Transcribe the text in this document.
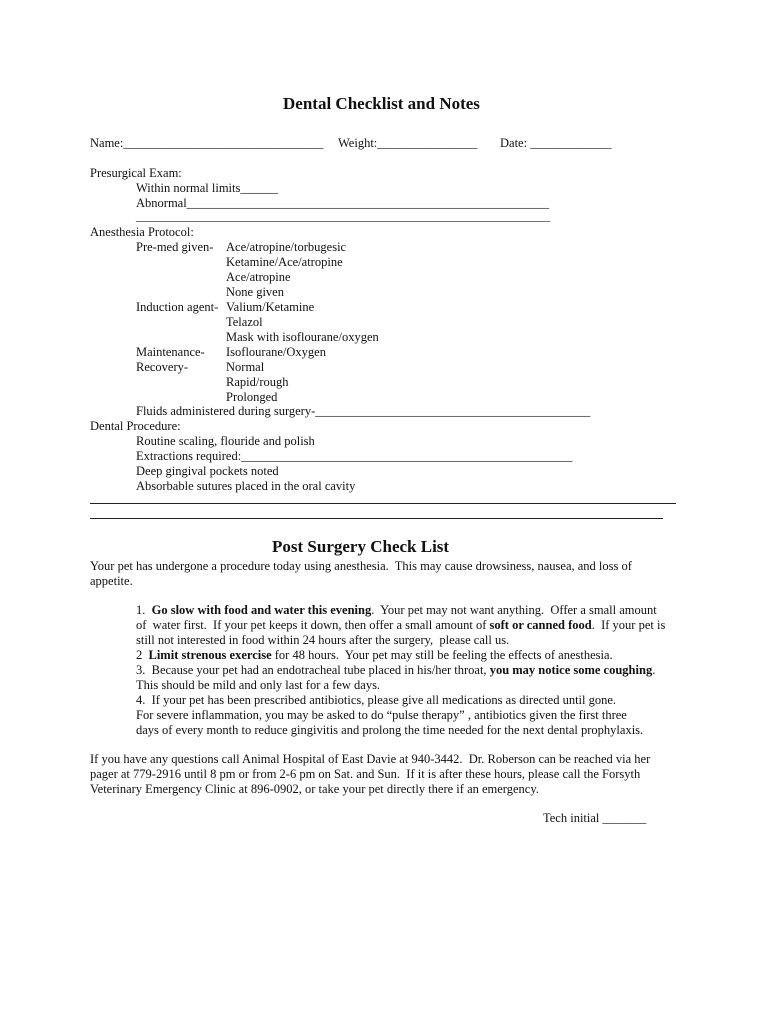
Dental Checklist and Notes
Name:________________________________ Weight:________________ Date: _____________
Presurgical Exam:
Within normal limits______
Abnormal__________________________________________________________
________________________________________________________________________
Anesthesia Protocol:
Pre-med given- Ace/atropine/torbugesic
Ketamine/Ace/atropine
Ace/atropine
None given
Induction agent- Valium/Ketamine
Telazol
Mask with isoflourane/oxygen
Maintenance- Isoflourane/Oxygen
Recovery-	Normal
Rapid/rough
Prolonged
Fluids administered during surgery-____________________________________________
Dental Procedure:
Routine scaling, flouride and polish
Extractions required:_____________________________________________________
Deep gingival pockets noted
Absorbable sutures placed in the oral cavity
Post Surgery Check List
Your pet has undergone a procedure today using anesthesia.  This may cause drowsiness, nausea, and loss of
appetite.
1.  Go slow with food and water this evening.  Your pet may not want anything.  Offer a small amount
of  water first.  If your pet keeps it down, then offer a small amount of soft or canned food.  If your pet is
still not interested in food within 24 hours after the surgery,  please call us.
2  Limit strenous exercise for 48 hours.  Your pet may still be feeling the effects of anesthesia.
3.  Because your pet had an endotracheal tube placed in his/her throat, you may notice some coughing.
This should be mild and only last for a few days.
4.  If your pet has been prescribed antibiotics, please give all medications as directed until gone.
For severe inflammation, you may be asked to do “pulse therapy” , antibiotics given the first three
days of every month to reduce gingivitis and prolong the time needed for the next dental prophylaxis.
If you have any questions call Animal Hospital of East Davie at 940-3442.  Dr. Roberson can be reached via her
pager at 779-2916 until 8 pm or from 2-6 pm on Sat. and Sun.  If it is after these hours, please call the Forsyth
Veterinary Emergency Clinic at 896-0902, or take your pet directly there if an emergency.
Tech initial _______
